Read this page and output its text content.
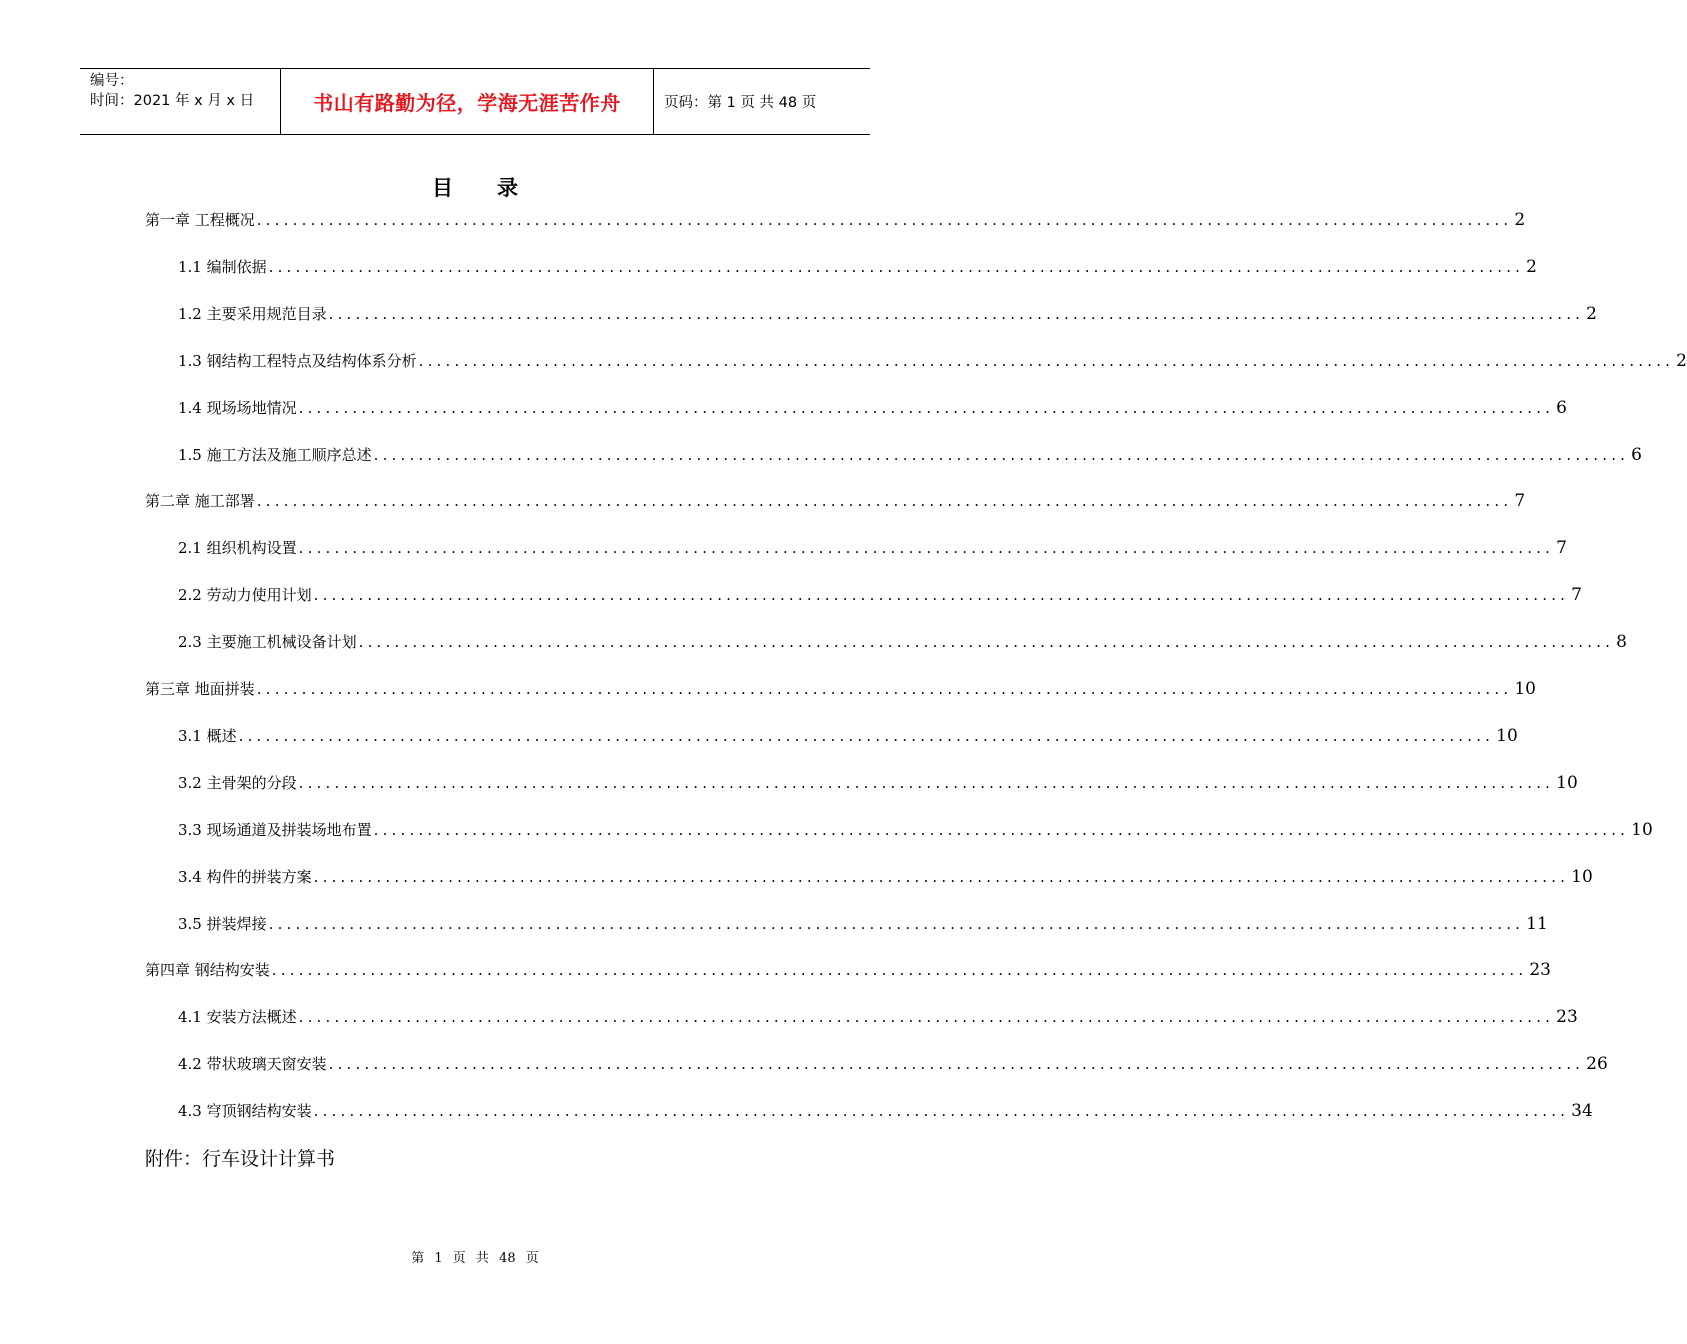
编号：
时间：2021 年 x 月 x 日	书山有路勤为径，学海无涯苦作舟	页码：第 1 页 共 48 页
目录
第一章 工程概况 ............................................................................................................................................ 2
1.1 编制依据 ............................................................................................................................................ 2
1.2 主要采用规范目录 ............................................................................................................................................ 2
1.3 钢结构工程特点及结构体系分析 ............................................................................................................................................ 2
1.4 现场场地情况 ............................................................................................................................................ 6
1.5 施工方法及施工顺序总述 ............................................................................................................................................ 6
第二章 施工部署 ............................................................................................................................................ 7
2.1 组织机构设置 ............................................................................................................................................ 7
2.2 劳动力使用计划 ............................................................................................................................................ 7
2.3 主要施工机械设备计划 ............................................................................................................................................ 8
第三章 地面拼装 ............................................................................................................................................ 10
3.1 概述 ............................................................................................................................................ 10
3.2 主骨架的分段 ............................................................................................................................................ 10
3.3 现场通道及拼装场地布置 ............................................................................................................................................ 10
3.4 构件的拼装方案 ............................................................................................................................................ 10
3.5 拼装焊接 ............................................................................................................................................ 11
第四章 钢结构安装 ............................................................................................................................................ 23
4.1 安装方法概述 ............................................................................................................................................ 23
4.2 带状玻璃天窗安装 ............................................................................................................................................ 26
4.3 穹顶钢结构安装 ............................................................................................................................................ 34
附件：行车设计计算书
第 1 页 共 48 页
